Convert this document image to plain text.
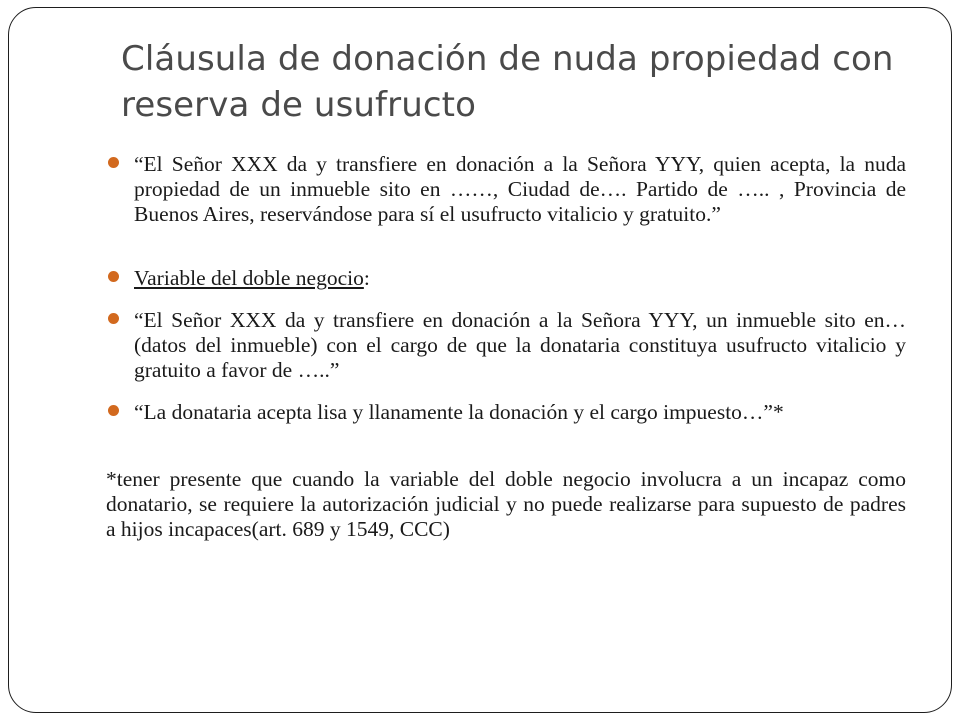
Cláusula de donación de nuda propiedad con reserva de usufructo
“El Señor XXX da y transfiere en donación a la Señora YYY, quien acepta, la nuda propiedad de un inmueble sito en ……, Ciudad de…. Partido de ….. , Provincia de Buenos Aires, reservándose para sí el usufructo vitalicio y gratuito.”
Variable del doble negocio:
“El Señor XXX da y transfiere en donación a la Señora YYY, un inmueble sito en… (datos del inmueble) con el cargo de que la donataria constituya usufructo vitalicio y gratuito a favor de …..”
“La donataria acepta lisa y llanamente la donación y el cargo impuesto…”*
*tener presente que cuando la variable del doble negocio involucra a un incapaz como donatario, se requiere la autorización judicial y no puede realizarse para supuesto de padres a hijos incapaces(art. 689 y 1549, CCC)
